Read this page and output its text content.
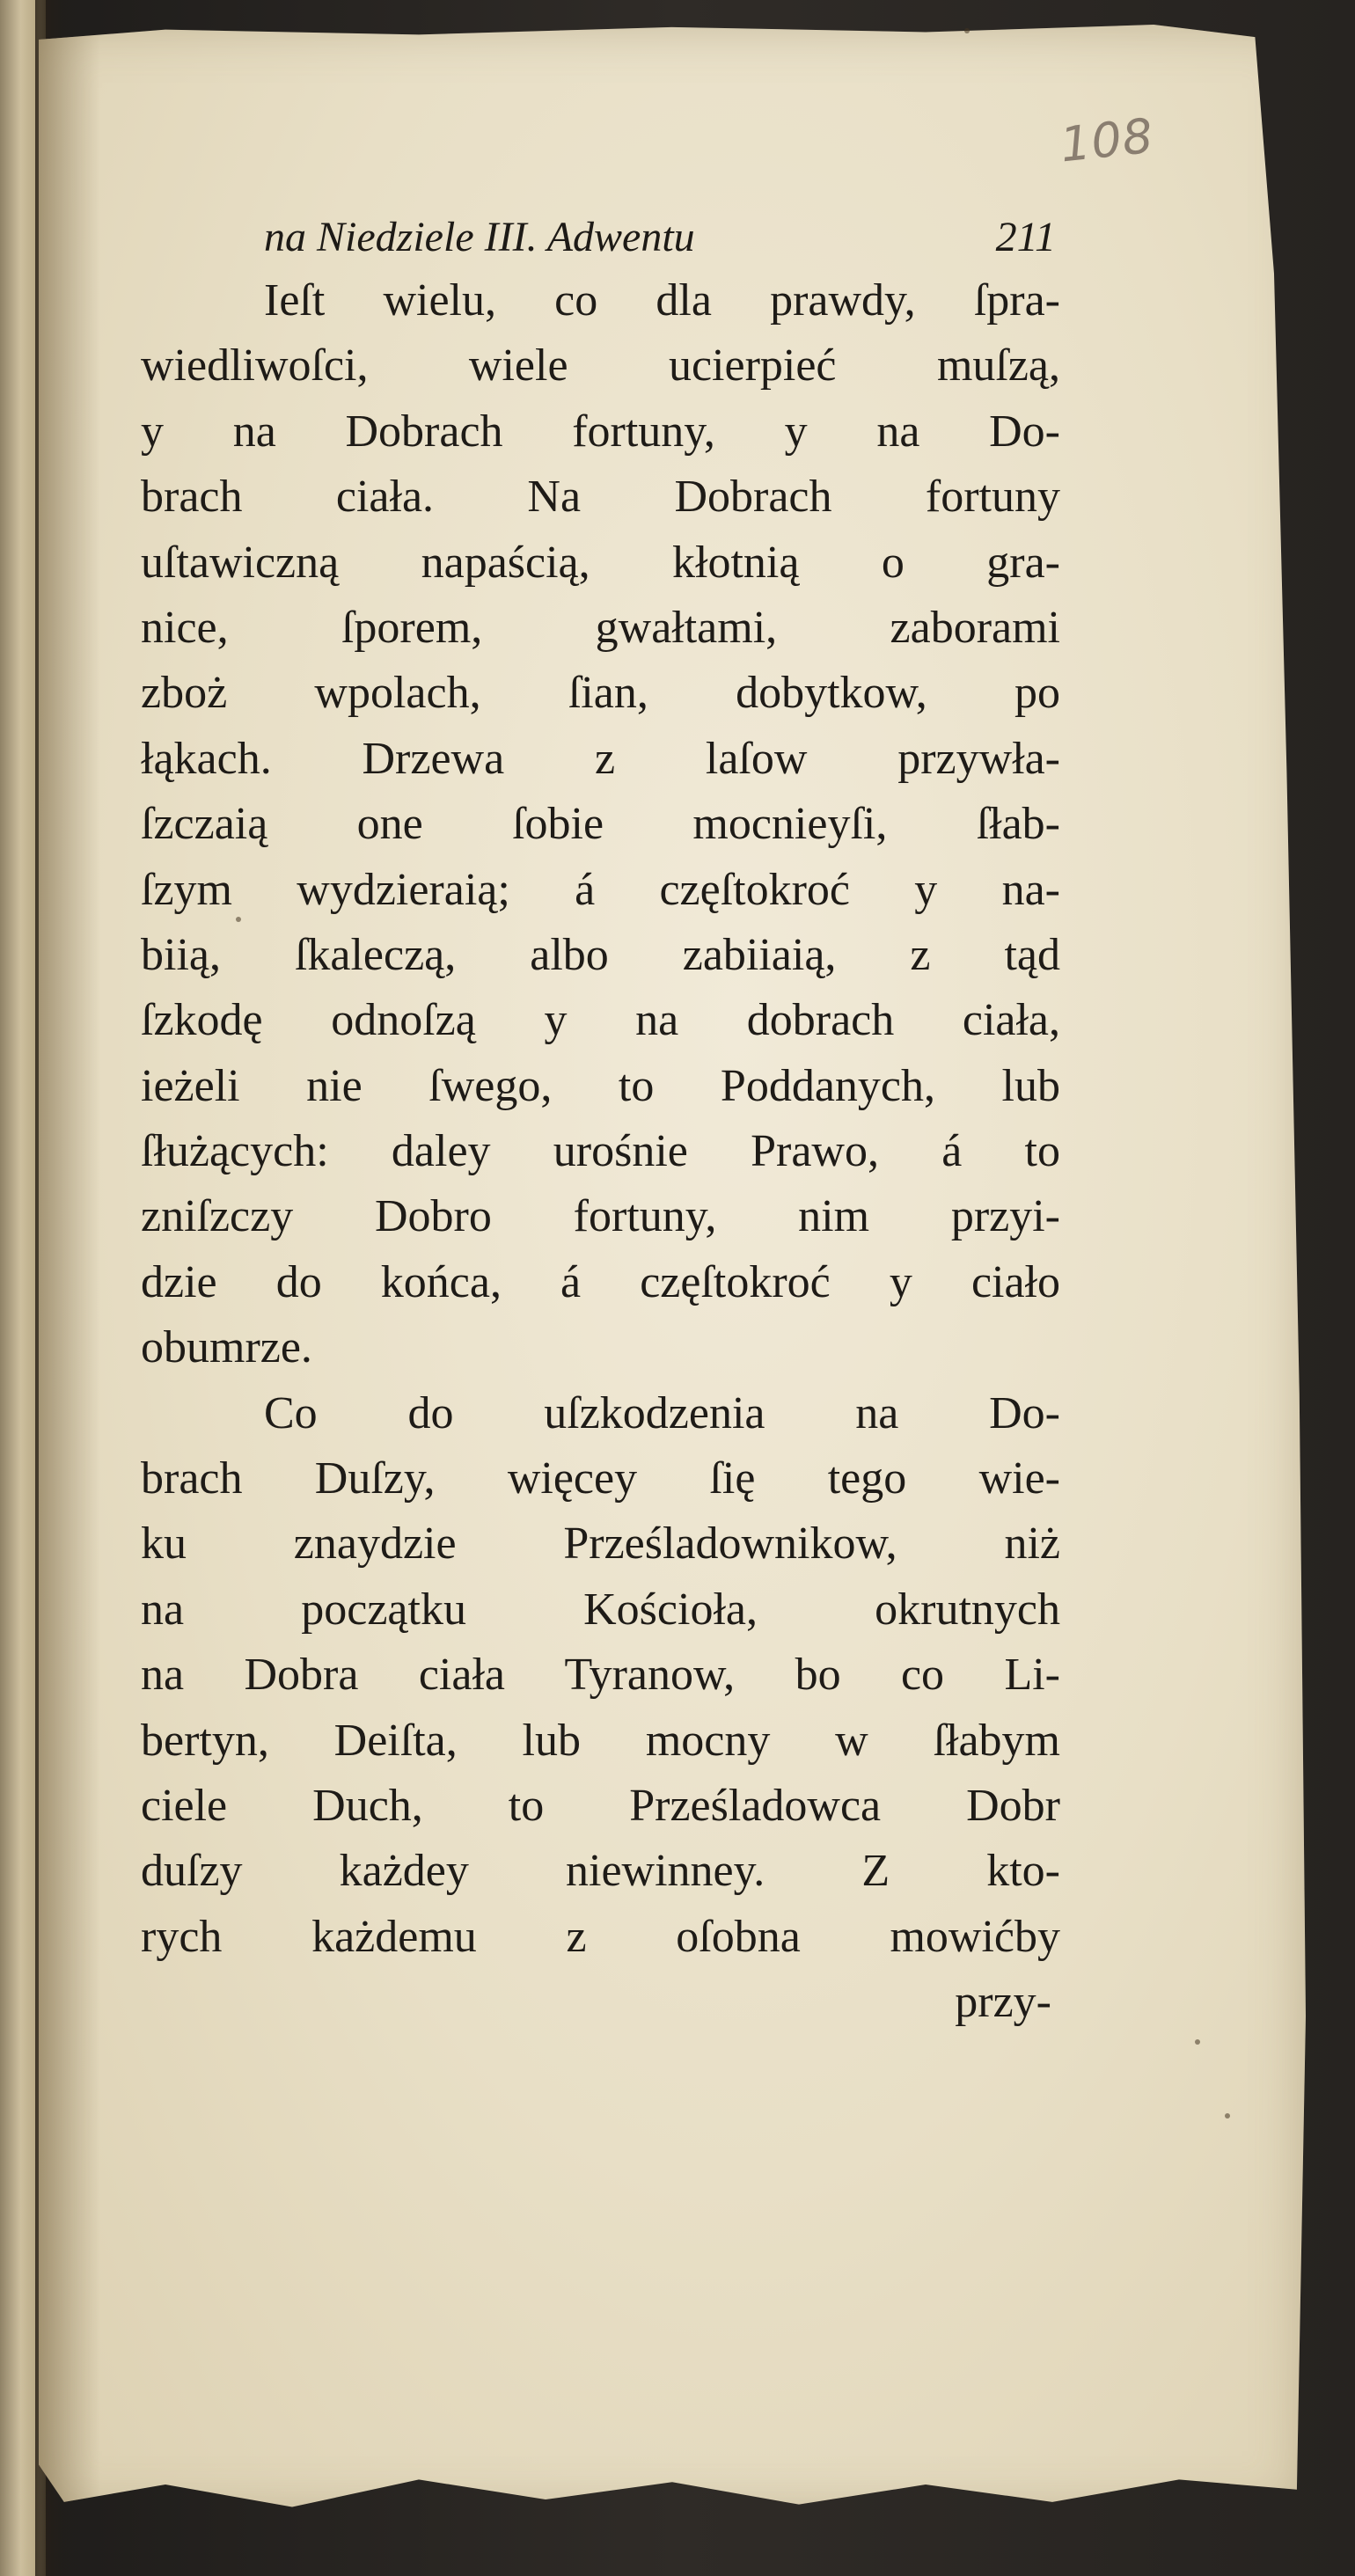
108
na Niedziele III. Adwentu	211
Ieſt wielu, co dla prawdy, ſpra-
wiedliwoſci, wiele ucierpieć muſzą,
y na Dobrach fortuny, y na Do-
brach ciała. Na Dobrach fortuny
uſtawiczną napaścią, kłotnią o gra-
nice, ſporem, gwałtami, zaborami
zboż wpolach, ſian, dobytkow, po
łąkach. Drzewa z laſow przywła-
ſzczaią one ſobie mocnieyſi, ſłab-
ſzym wydzieraią; á częſtokroć y na-
biią, ſkaleczą, albo zabiiaią, z tąd
ſzkodę odnoſzą y na dobrach ciała,
ieżeli nie ſwego, to Poddanych, lub
ſłużących: daley urośnie Prawo, á to
zniſzczy Dobro fortuny, nim przyi-
dzie do końca, á częſtokroć y ciało
obumrze.
Co do uſzkodzenia na Do-
brach Duſzy, więcey ſię tego wie-
ku znaydzie Prześladownikow, niż
na początku Kościoła, okrutnych
na Dobra ciała Tyranow, bo co Li-
bertyn, Deiſta, lub mocny w ſłabym
ciele Duch, to Prześladowca Dobr
duſzy każdey niewinney. Z kto-
rych każdemu z oſobna mowićby
przy-
